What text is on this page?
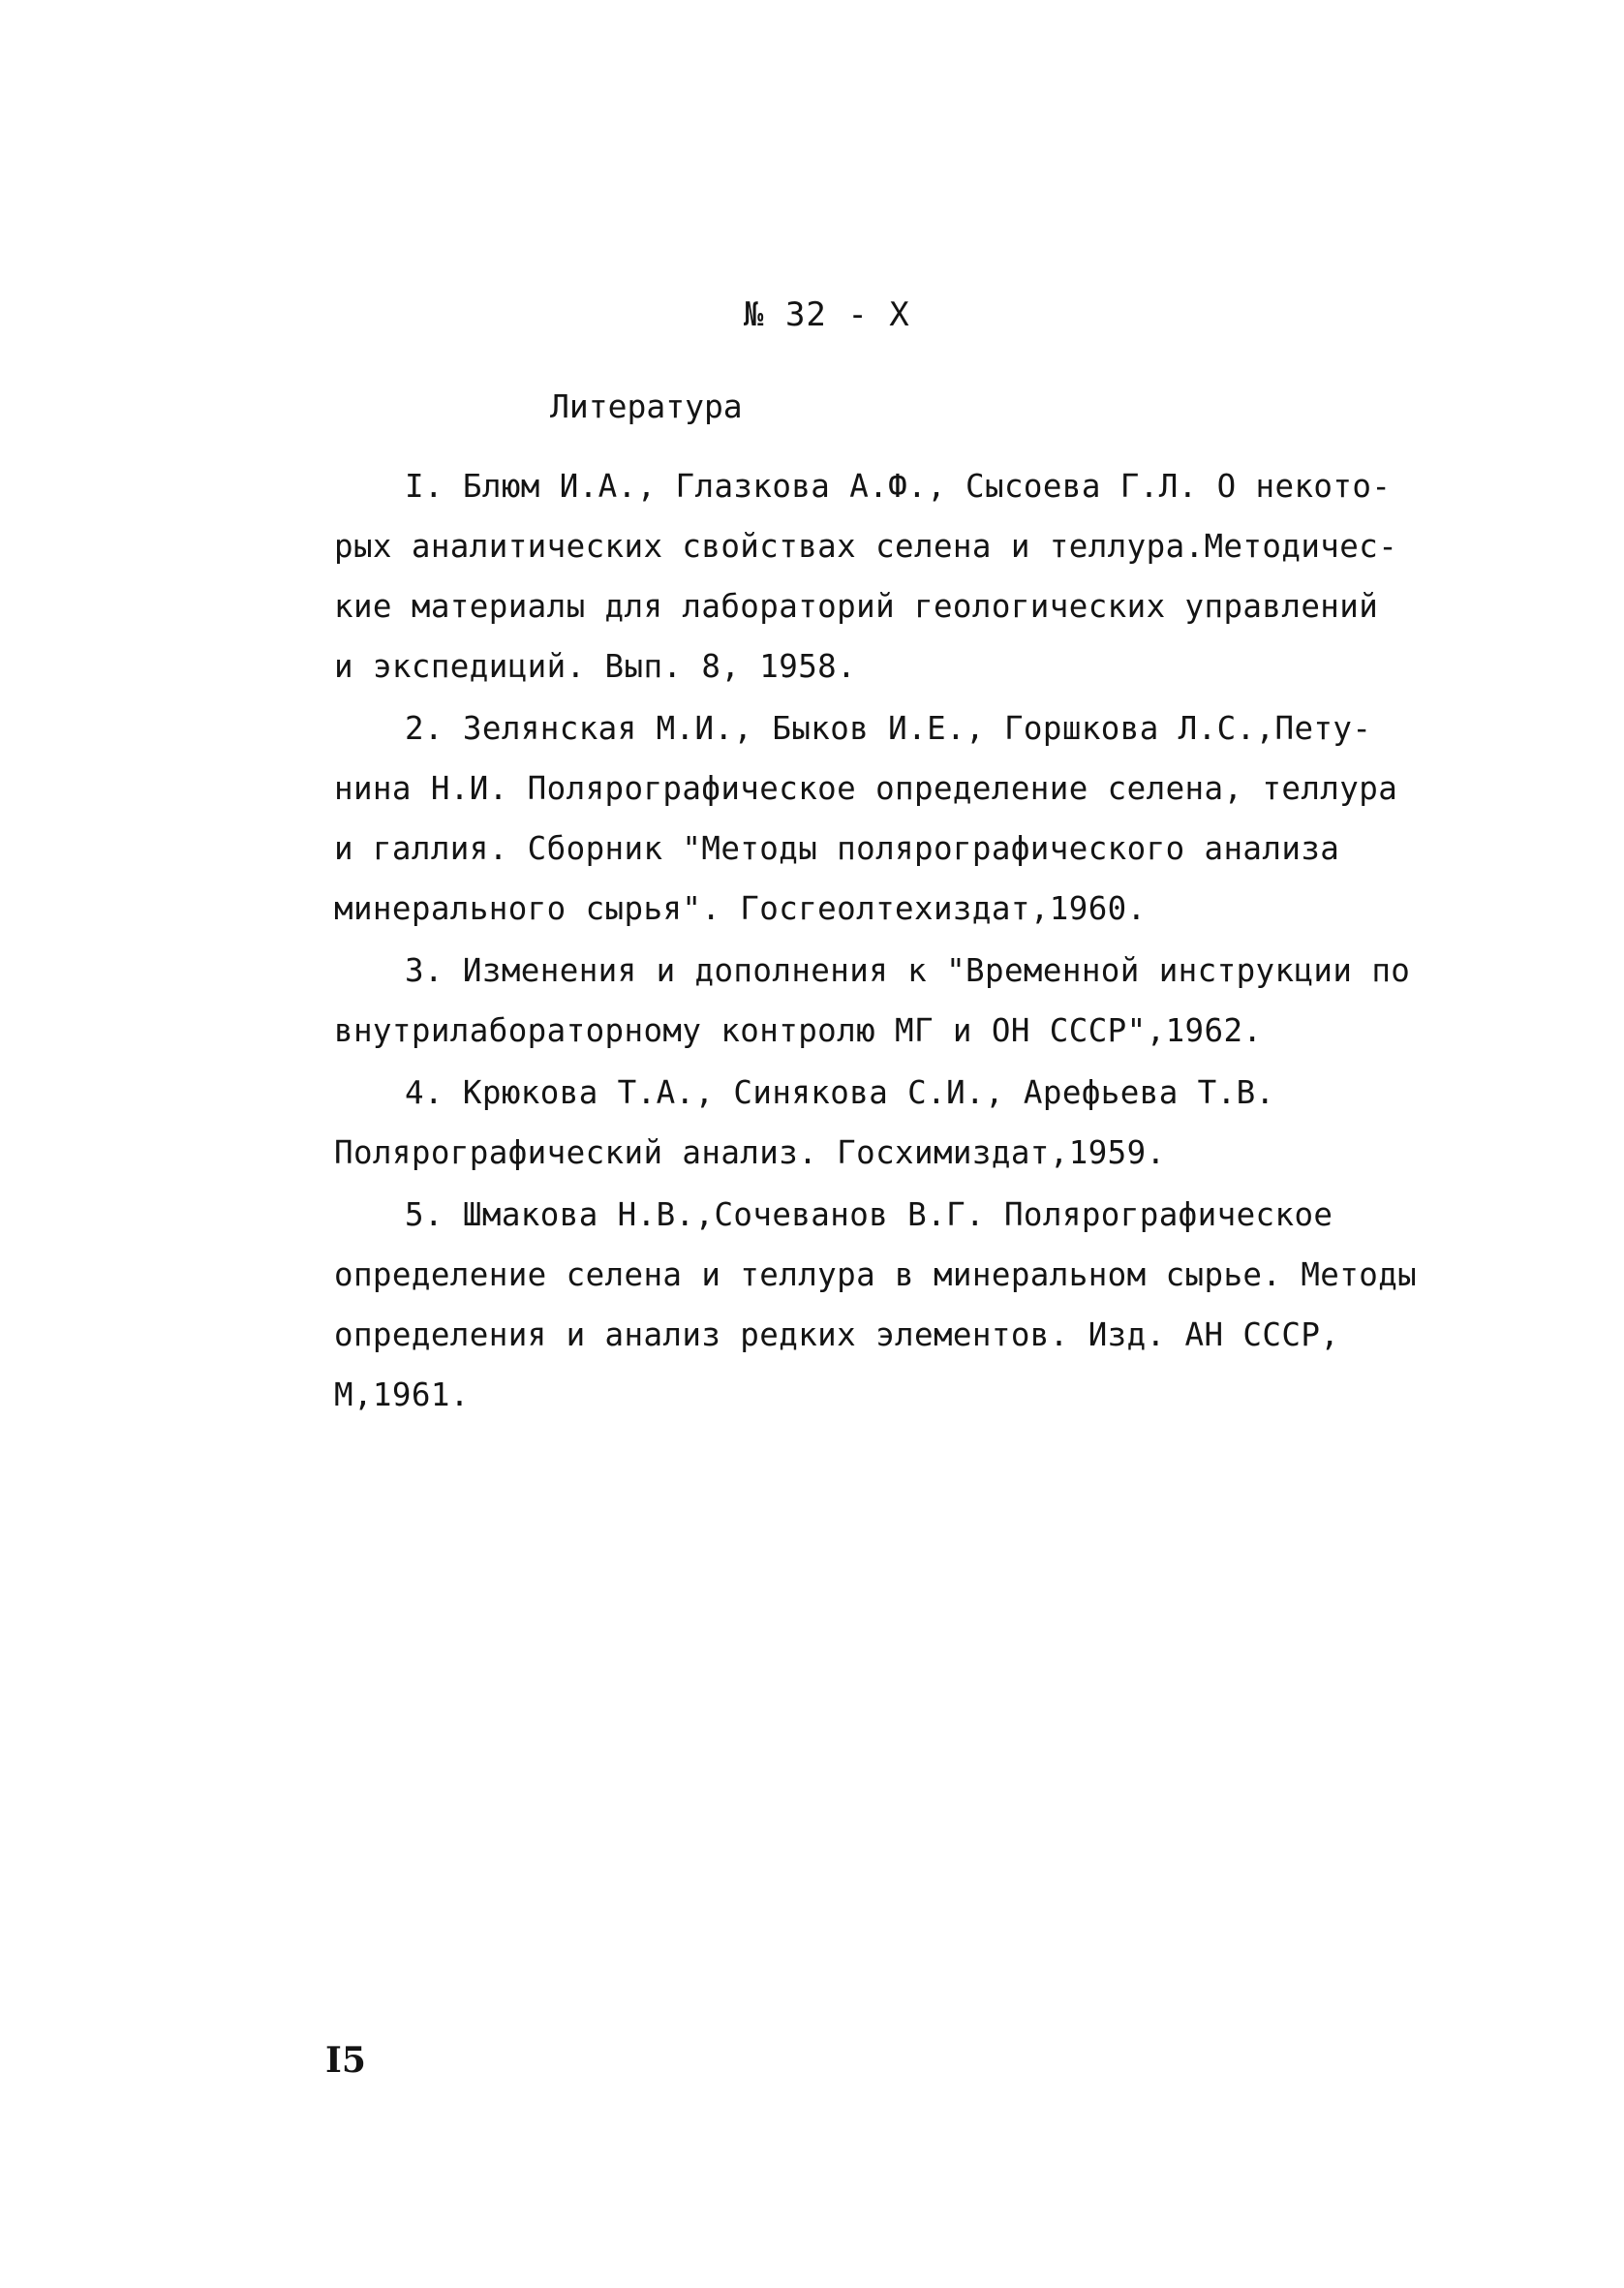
№ 32 - Х
Литература
I. Блюм И.А., Глазкова А.Ф., Сысоева Г.Л. О некото-
рых аналитических свойствах селена и теллура.Методичес-
кие материалы для лабораторий геологических управлений
и экспедиций. Вып. 8, 1958.
2. Зелянская М.И., Быков И.Е., Горшкова Л.С.,Пету-
нина Н.И. Полярографическое определение селена, теллура
и галлия. Сборник "Методы полярографического анализа
минерального сырья". Госгеолтехиздат,1960.
3. Изменения и дополнения к "Временной инструкции по
внутрилабораторному контролю МГ и ОН СССР",1962.
4. Крюкова Т.А., Синякова С.И., Арефьева Т.В.
Полярографический анализ. Госхимиздат,1959.
5. Шмакова Н.В.,Сочеванов В.Г. Полярографическое
определение селена и теллура в минеральном сырье. Методы
определения и анализ редких элементов. Изд. АН СССР,
М,1961.
I5
